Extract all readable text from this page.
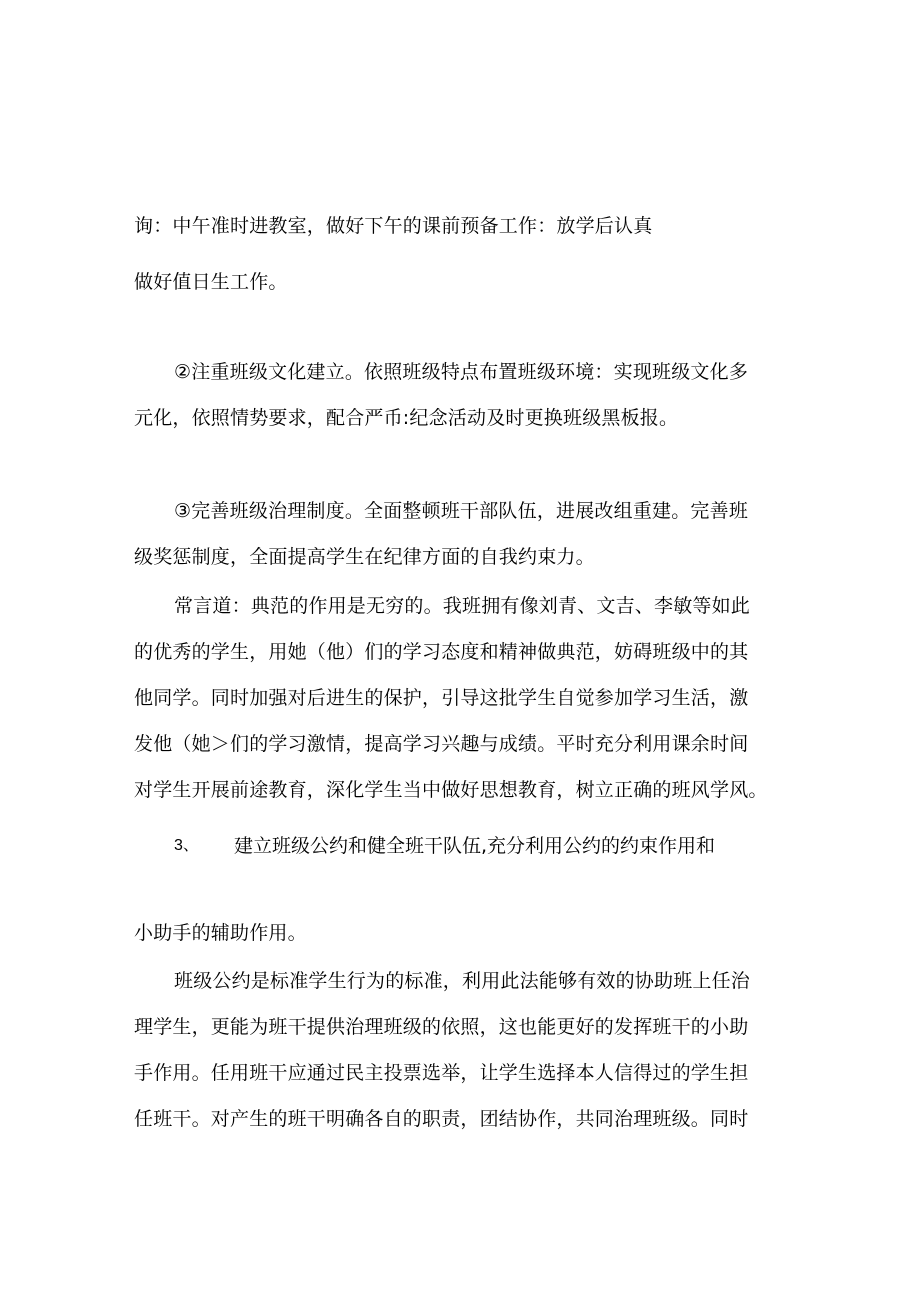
询：中午准时进教室，做好下午的课前预备工作：放学后认真
做好值日生工作。
②注重班级文化建立。依照班级特点布置班级环境：实现班级文化多
元化，依照情势要求，配合严币:纪念活动及时更换班级黑板报。
③完善班级治理制度。全面整顿班干部队伍，进展改组重建。完善班
级奖惩制度，全面提高学生在纪律方面的自我约束力。
常言道：典范的作用是无穷的。我班拥有像刘青、文吉、李敏等如此
的优秀的学生，用她（他）们的学习态度和精神做典范，妨碍班级中的其
他同学。同时加强对后进生的保护，引导这批学生自觉参加学习生活，激
发他（她＞们的学习激情，提高学习兴趣与成绩。平时充分利用课余时间
对学生开展前途教育，深化学生当中做好思想教育，树立正确的班风学风。
3、 建立班级公约和健全班干队伍,充分利用公约的约束作用和
小助手的辅助作用。
班级公约是标准学生行为的标准，利用此法能够有效的协助班上任治
理学生，更能为班干提供治理班级的依照，这也能更好的发挥班干的小助
手作用。任用班干应通过民主投票选举，让学生选择本人信得过的学生担
任班干。对产生的班干明确各自的职责，团结协作，共同治理班级。同时
